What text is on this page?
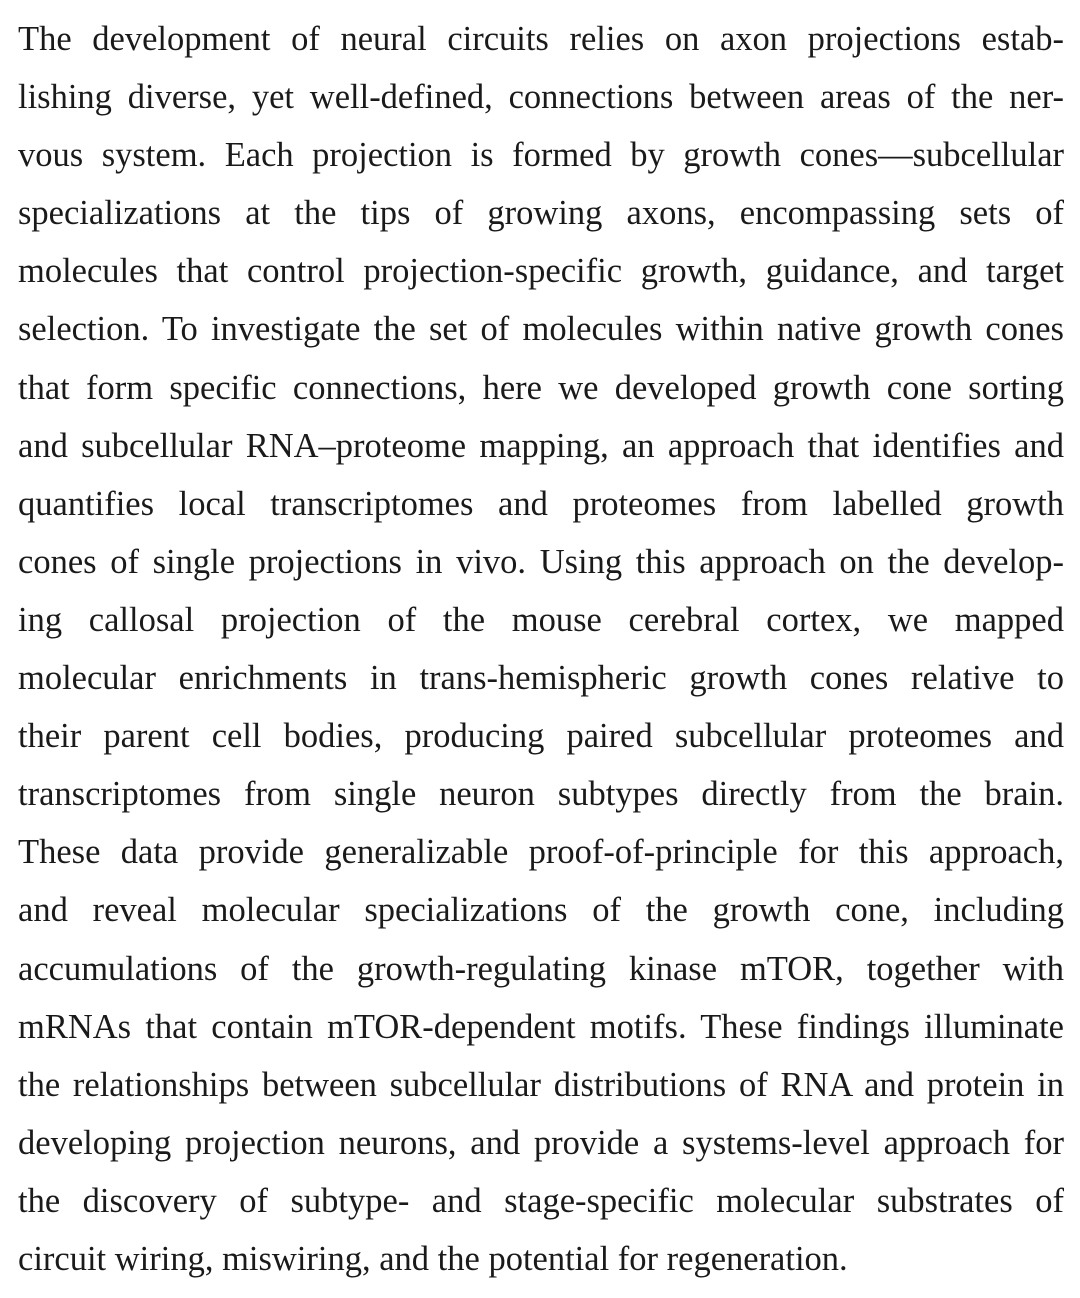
The development of neural circuits relies on axon projections estab-
lishing diverse, yet well-defined, connections between areas of the ner-
vous system. Each projection is formed by growth cones—subcellular
specializations at the tips of growing axons, encompassing sets of
molecules that control projection-specific growth, guidance, and target
selection. To investigate the set of molecules within native growth cones
that form specific connections, here we developed growth cone sorting
and subcellular RNA–proteome mapping, an approach that identifies and
quantifies local transcriptomes and proteomes from labelled growth
cones of single projections in vivo. Using this approach on the develop-
ing callosal projection of the mouse cerebral cortex, we mapped
molecular enrichments in trans-hemispheric growth cones relative to
their parent cell bodies, producing paired subcellular proteomes and
transcriptomes from single neuron subtypes directly from the brain.
These data provide generalizable proof-of-principle for this approach,
and reveal molecular specializations of the growth cone, including
accumulations of the growth-regulating kinase mTOR, together with
mRNAs that contain mTOR-dependent motifs. These findings illuminate
the relationships between subcellular distributions of RNA and protein in
developing projection neurons, and provide a systems-level approach for
the discovery of subtype- and stage-specific molecular substrates of
circuit wiring, miswiring, and the potential for regeneration.
